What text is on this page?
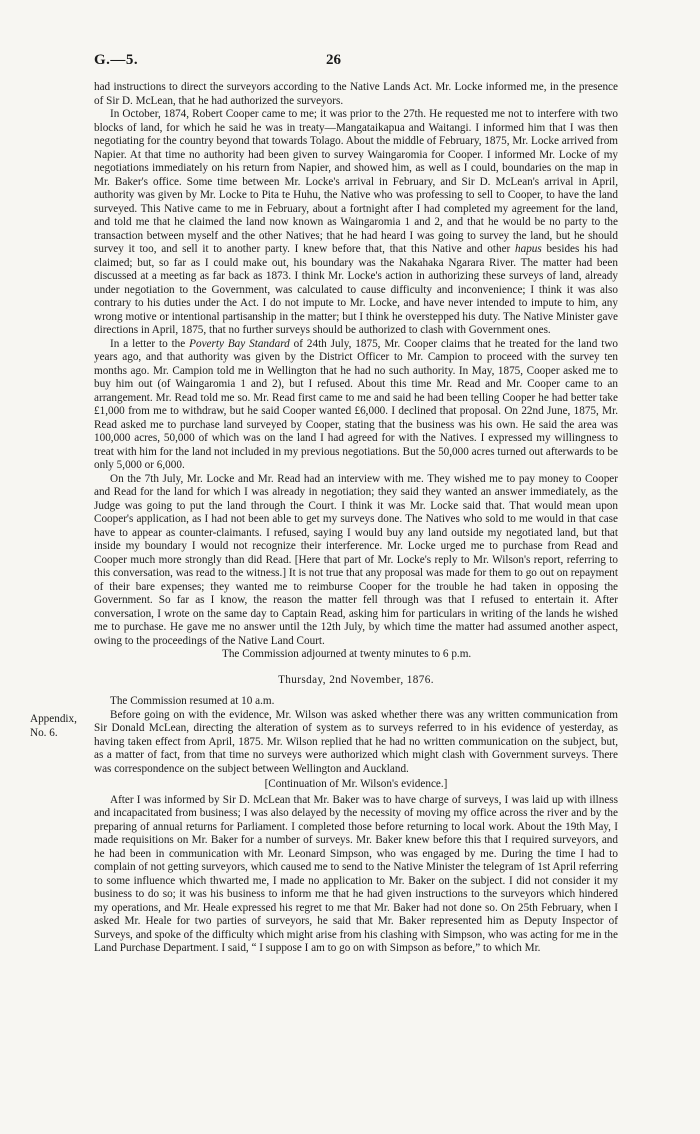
G.—5.	26
Appendix,
No. 6.

had instructions to direct the surveyors according to the Native Lands Act. Mr. Locke informed me, in the presence of Sir D. McLean, that he had authorized the surveyors.

In October, 1874, Robert Cooper came to me; it was prior to the 27th. He requested me not to interfere with two blocks of land, for which he said he was in treaty—Mangataikapua and Waitangi. I informed him that I was then negotiating for the country beyond that towards Tolago. About the middle of February, 1875, Mr. Locke arrived from Napier. At that time no authority had been given to survey Waingaromia for Cooper. I informed Mr. Locke of my negotiations immediately on his return from Napier, and showed him, as well as I could, boundaries on the map in Mr. Baker's office. Some time between Mr. Locke's arrival in February, and Sir D. McLean's arrival in April, authority was given by Mr. Locke to Pita te Huhu, the Native who was professing to sell to Cooper, to have the land surveyed. This Native came to me in February, about a fortnight after I had completed my agreement for the land, and told me that he claimed the land now known as Waingaromia 1 and 2, and that he would be no party to the transaction between myself and the other Natives; that he had heard I was going to survey the land, but he should survey it too, and sell it to another party. I knew before that, that this Native and other hapus besides his had claimed; but, so far as I could make out, his boundary was the Nakahaka Ngarara River. The matter had been discussed at a meeting as far back as 1873. I think Mr. Locke's action in authorizing these surveys of land, already under negotiation to the Government, was calculated to cause difficulty and inconvenience; I think it was also contrary to his duties under the Act. I do not impute to Mr. Locke, and have never intended to impute to him, any wrong motive or intentional partisanship in the matter; but I think he overstepped his duty. The Native Minister gave directions in April, 1875, that no further surveys should be authorized to clash with Government ones.

In a letter to the Poverty Bay Standard of 24th July, 1875, Mr. Cooper claims that he treated for the land two years ago, and that authority was given by the District Officer to Mr. Campion to proceed with the survey ten months ago. Mr. Campion told me in Wellington that he had no such authority. In May, 1875, Cooper asked me to buy him out (of Waingaromia 1 and 2), but I refused. About this time Mr. Read and Mr. Cooper came to an arrangement. Mr. Read told me so. Mr. Read first came to me and said he had been telling Cooper he had better take £1,000 from me to withdraw, but he said Cooper wanted £6,000. I declined that proposal. On 22nd June, 1875, Mr. Read asked me to purchase land surveyed by Cooper, stating that the business was his own. He said the area was 100,000 acres, 50,000 of which was on the land I had agreed for with the Natives. I expressed my willingness to treat with him for the land not included in my previous negotiations. But the 50,000 acres turned out afterwards to be only 5,000 or 6,000.

On the 7th July, Mr. Locke and Mr. Read had an interview with me. They wished me to pay money to Cooper and Read for the land for which I was already in negotiation; they said they wanted an answer immediately, as the Judge was going to put the land through the Court. I think it was Mr. Locke said that. That would mean upon Cooper's application, as I had not been able to get my surveys done. The Natives who sold to me would in that case have to appear as counter-claimants. I refused, saying I would buy any land outside my negotiated land, but that inside my boundary I would not recognize their interference. Mr. Locke urged me to purchase from Read and Cooper much more strongly than did Read. [Here that part of Mr. Locke's reply to Mr. Wilson's report, referring to this conversation, was read to the witness.] It is not true that any proposal was made for them to go out on repayment of their bare expenses; they wanted me to reimburse Cooper for the trouble he had taken in opposing the Government. So far as I know, the reason the matter fell through was that I refused to entertain it. After conversation, I wrote on the same day to Captain Read, asking him for particulars in writing of the lands he wished me to purchase. He gave me no answer until the 12th July, by which time the matter had assumed another aspect, owing to the proceedings of the Native Land Court.

The Commission adjourned at twenty minutes to 6 p.m.

Thursday, 2nd November, 1876.

The Commission resumed at 10 a.m.

Before going on with the evidence, Mr. Wilson was asked whether there was any written communication from Sir Donald McLean, directing the alteration of system as to surveys referred to in his evidence of yesterday, as having taken effect from April, 1875. Mr. Wilson replied that he had no written communication on the subject, but, as a matter of fact, from that time no surveys were authorized which might clash with Government surveys. There was correspondence on the subject between Wellington and Auckland.

[Continuation of Mr. Wilson's evidence.]

After I was informed by Sir D. McLean that Mr. Baker was to have charge of surveys, I was laid up with illness and incapacitated from business; I was also delayed by the necessity of moving my office across the river and by the preparing of annual returns for Parliament. I completed those before returning to local work. About the 19th May, I made requisitions on Mr. Baker for a number of surveys. Mr. Baker knew before this that I required surveyors, and he had been in communication with Mr. Leonard Simpson, who was engaged by me. During the time I had to complain of not getting surveyors, which caused me to send to the Native Minister the telegram of 1st April referring to some influence which thwarted me, I made no application to Mr. Baker on the subject. I did not consider it my business to do so; it was his business to inform me that he had given instructions to the surveyors which hindered my operations, and Mr. Heale expressed his regret to me that Mr. Baker had not done so. On 25th February, when I asked Mr. Heale for two parties of surveyors, he said that Mr. Baker represented him as Deputy Inspector of Surveys, and spoke of the difficulty which might arise from his clashing with Simpson, who was acting for me in the Land Purchase Department. I said, “ I suppose I am to go on with Simpson as before,” to which Mr.
